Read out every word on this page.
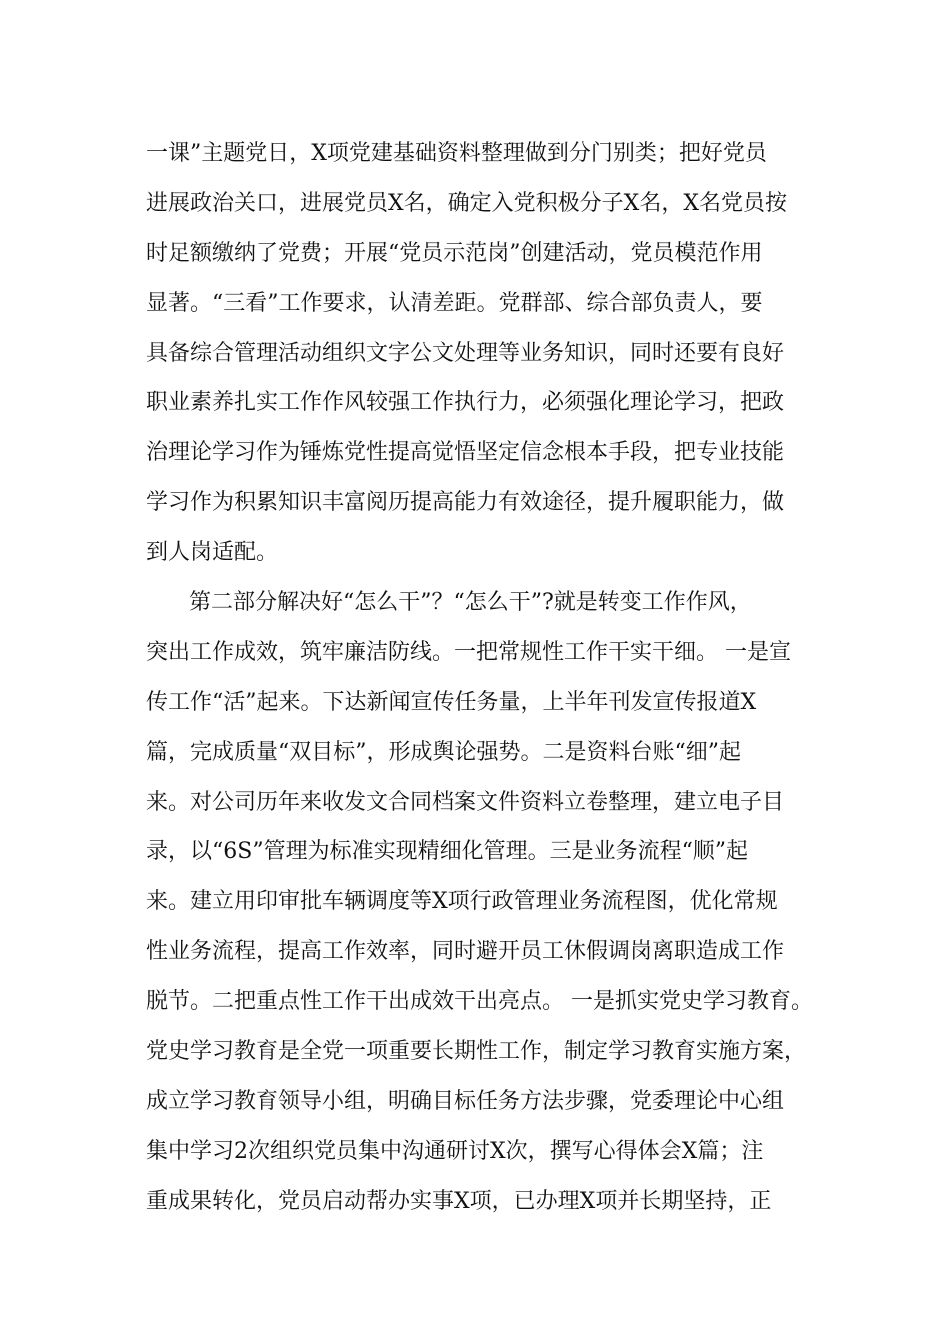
一课”主题党日，X项党建基础资料整理做到分门别类；把好党员
进展政治关口，进展党员X名，确定入党积极分子X名，X名党员按
时足额缴纳了党费；开展“党员示范岗”创建活动，党员模范作用
显著。“三看”工作要求，认清差距。党群部、综合部负责人，要
具备综合管理活动组织文字公文处理等业务知识，同时还要有良好
职业素养扎实工作作风较强工作执行力，必须强化理论学习，把政
治理论学习作为锤炼党性提高觉悟坚定信念根本手段，把专业技能
学习作为积累知识丰富阅历提高能力有效途径，提升履职能力，做
到人岗适配。
第二部分解决好“怎么干”？“怎么干”?就是转变工作作风，
突出工作成效，筑牢廉洁防线。一把常规性工作干实干细。 一是宣
传工作“活”起来。下达新闻宣传任务量，上半年刊发宣传报道X
篇，完成质量“双目标”，形成舆论强势。二是资料台账“细”起
来。对公司历年来收发文合同档案文件资料立卷整理，建立电子目
录，以“6S”管理为标准实现精细化管理。三是业务流程“顺”起
来。建立用印审批车辆调度等X项行政管理业务流程图，优化常规
性业务流程，提高工作效率，同时避开员工休假调岗离职造成工作
脱节。二把重点性工作干出成效干出亮点。 一是抓实党史学习教育。
党史学习教育是全党一项重要长期性工作，制定学习教育实施方案，
成立学习教育领导小组，明确目标任务方法步骤，党委理论中心组
集中学习2次组织党员集中沟通研讨X次，撰写心得体会X篇；注
重成果转化，党员启动帮办实事X项，已办理X项并长期坚持，正
